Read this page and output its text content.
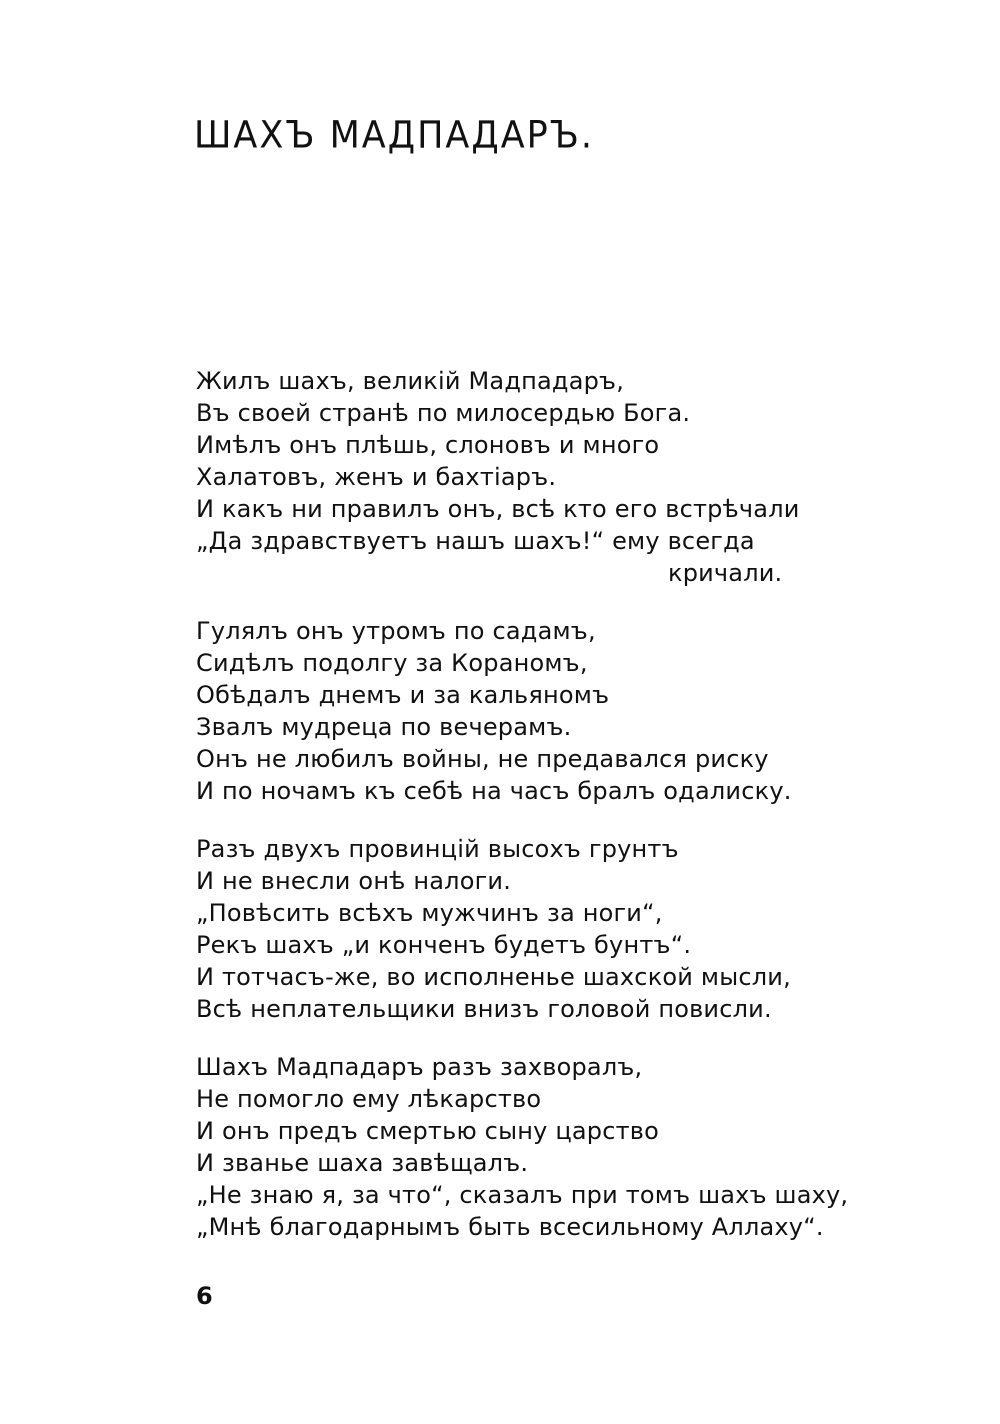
ШАХЪ МАДПАДАРЪ.
Жилъ шахъ, великій Мадпадаръ,
Въ своей странѣ по милосердью Бога.
Имѣлъ онъ плѣшь, слоновъ и много
Халатовъ, женъ и бахтіаръ.
И какъ ни правилъ онъ, всѣ кто его встрѣчали
„Да здравствуетъ нашъ шахъ!“ ему всегда
кричали.
Гулялъ онъ утромъ по садамъ,
Сидѣлъ подолгу за Кораномъ,
Обѣдалъ днемъ и за кальяномъ
Звалъ мудреца по вечерамъ.
Онъ не любилъ войны, не предавался риску
И по ночамъ къ себѣ на часъ бралъ одалиску.
Разъ двухъ провинцій высохъ грунтъ
И не внесли онѣ налоги.
„Повѣсить всѣхъ мужчинъ за ноги“,
Рекъ шахъ „и конченъ будетъ бунтъ“.
И тотчасъ-же, во исполненье шахской мысли,
Всѣ неплательщики внизъ головой повисли.
Шахъ Мадпадаръ разъ захворалъ,
Не помогло ему лѣкарство
И онъ предъ смертью сыну царство
И званье шаха завѣщалъ.
„Не знаю я, за что“, сказалъ при томъ шахъ шаху,
„Мнѣ благодарнымъ быть всесильному Аллаху“.
6
